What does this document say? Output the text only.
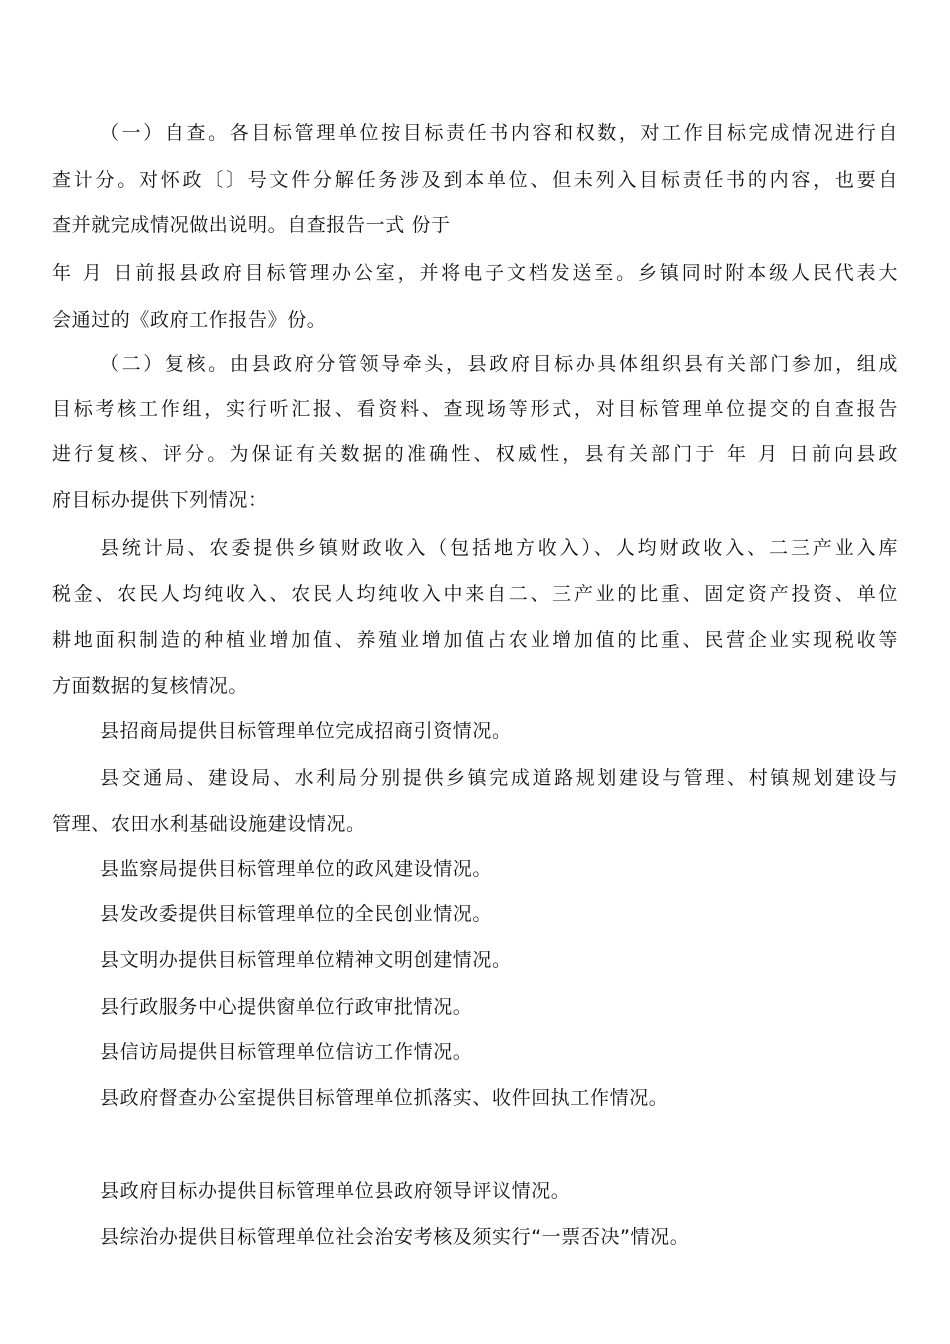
（一）自查。各目标管理单位按目标责任书内容和权数，对工作目标完成情况进行自
查计分。对怀政〔〕号文件分解任务涉及到本单位、但未列入目标责任书的内容，也要自
查并就完成情况做出说明。自查报告一式 份于
年 月 日前报县政府目标管理办公室，并将电子文档发送至。乡镇同时附本级人民代表大
会通过的《政府工作报告》份。
（二）复核。由县政府分管领导牵头，县政府目标办具体组织县有关部门参加，组成
目标考核工作组，实行听汇报、看资料、查现场等形式，对目标管理单位提交的自查报告
进行复核、评分。为保证有关数据的准确性、权威性，县有关部门于 年 月 日前向县政
府目标办提供下列情况：
县统计局、农委提供乡镇财政收入（包括地方收入）、人均财政收入、二三产业入库
税金、农民人均纯收入、农民人均纯收入中来自二、三产业的比重、固定资产投资、单位
耕地面积制造的种植业增加值、养殖业增加值占农业增加值的比重、民营企业实现税收等
方面数据的复核情况。
县招商局提供目标管理单位完成招商引资情况。
县交通局、建设局、水利局分别提供乡镇完成道路规划建设与管理、村镇规划建设与
管理、农田水利基础设施建设情况。
县监察局提供目标管理单位的政风建设情况。
县发改委提供目标管理单位的全民创业情况。
县文明办提供目标管理单位精神文明创建情况。
县行政服务中心提供窗单位行政审批情况。
县信访局提供目标管理单位信访工作情况。
县政府督查办公室提供目标管理单位抓落实、收件回执工作情况。
县政府目标办提供目标管理单位县政府领导评议情况。
县综治办提供目标管理单位社会治安考核及须实行“一票否决”情况。
